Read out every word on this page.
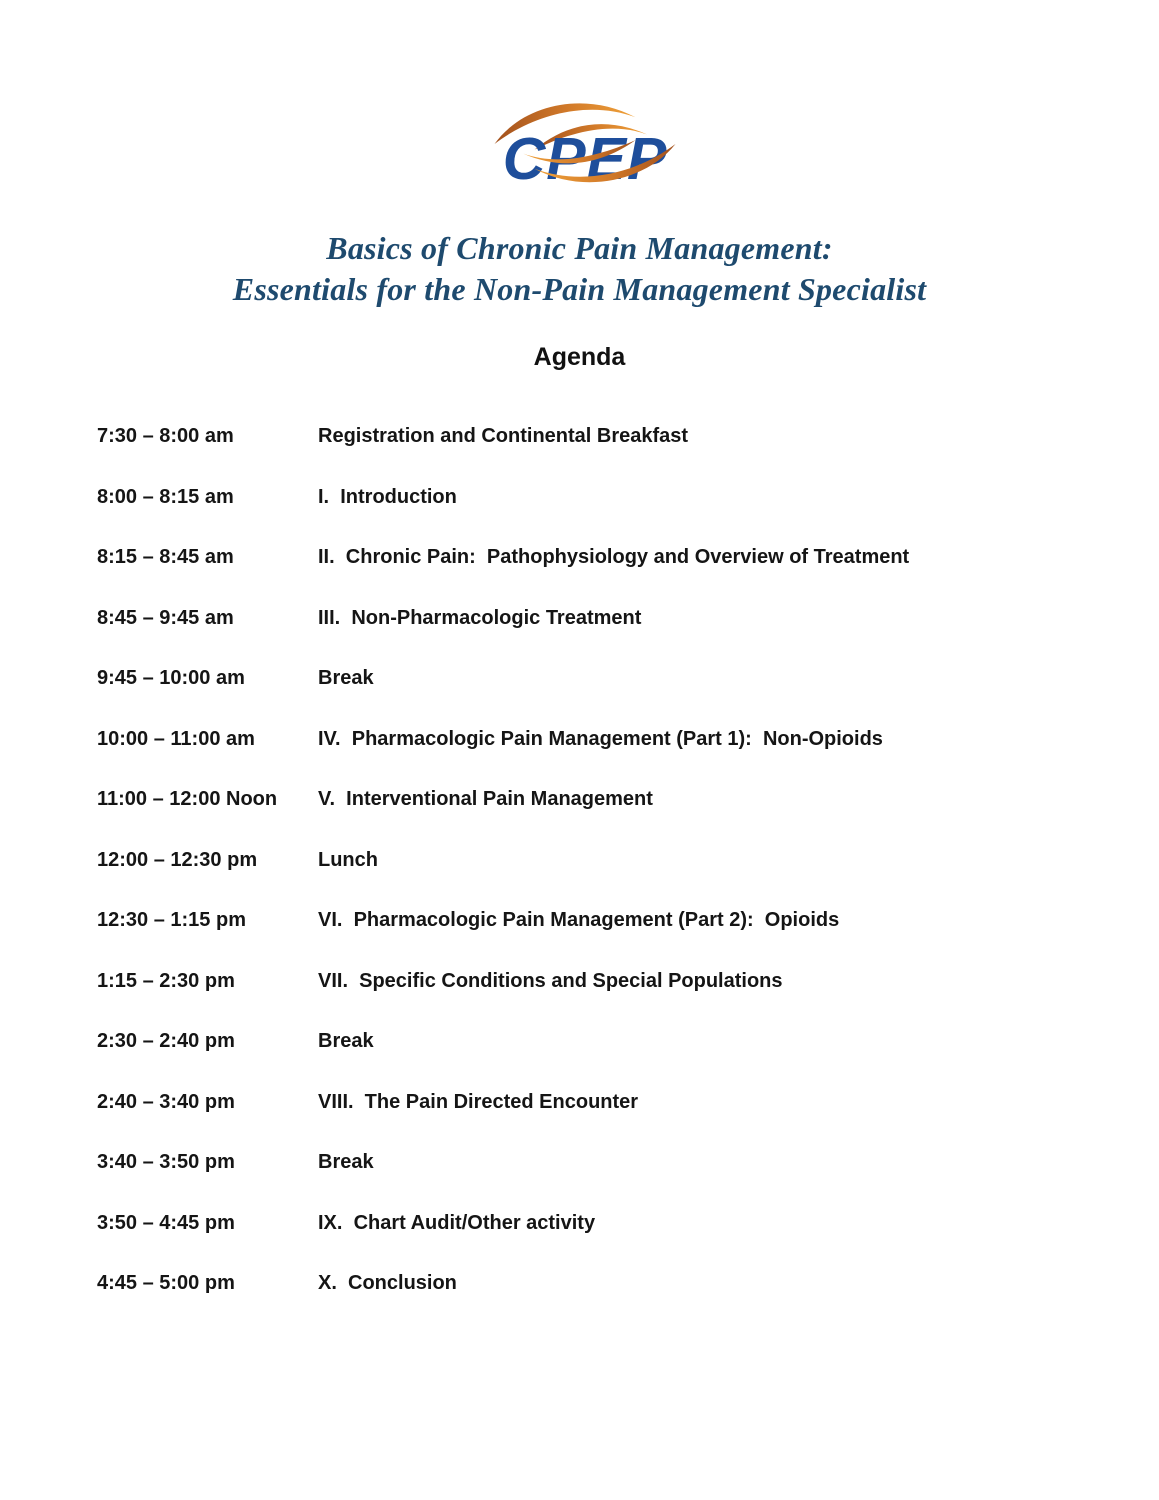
CPEP
Basics of Chronic Pain Management:
Essentials for the Non-Pain Management Specialist
Agenda
7:30 – 8:00 am	Registration and Continental Breakfast
8:00 – 8:15 am	I.  Introduction
8:15 – 8:45 am	II.  Chronic Pain:  Pathophysiology and Overview of Treatment
8:45 – 9:45 am	III.  Non-Pharmacologic Treatment
9:45 – 10:00 am	Break
10:00 – 11:00 am	IV.  Pharmacologic Pain Management (Part 1):  Non-Opioids
11:00 – 12:00 Noon	V.  Interventional Pain Management
12:00 – 12:30 pm	Lunch
12:30 – 1:15 pm	VI.  Pharmacologic Pain Management (Part 2):  Opioids
1:15 – 2:30 pm	VII.  Specific Conditions and Special Populations
2:30 – 2:40 pm	Break
2:40 – 3:40 pm	VIII.  The Pain Directed Encounter
3:40 – 3:50 pm	Break
3:50 – 4:45 pm	IX.  Chart Audit/Other activity
4:45 – 5:00 pm	X.  Conclusion
